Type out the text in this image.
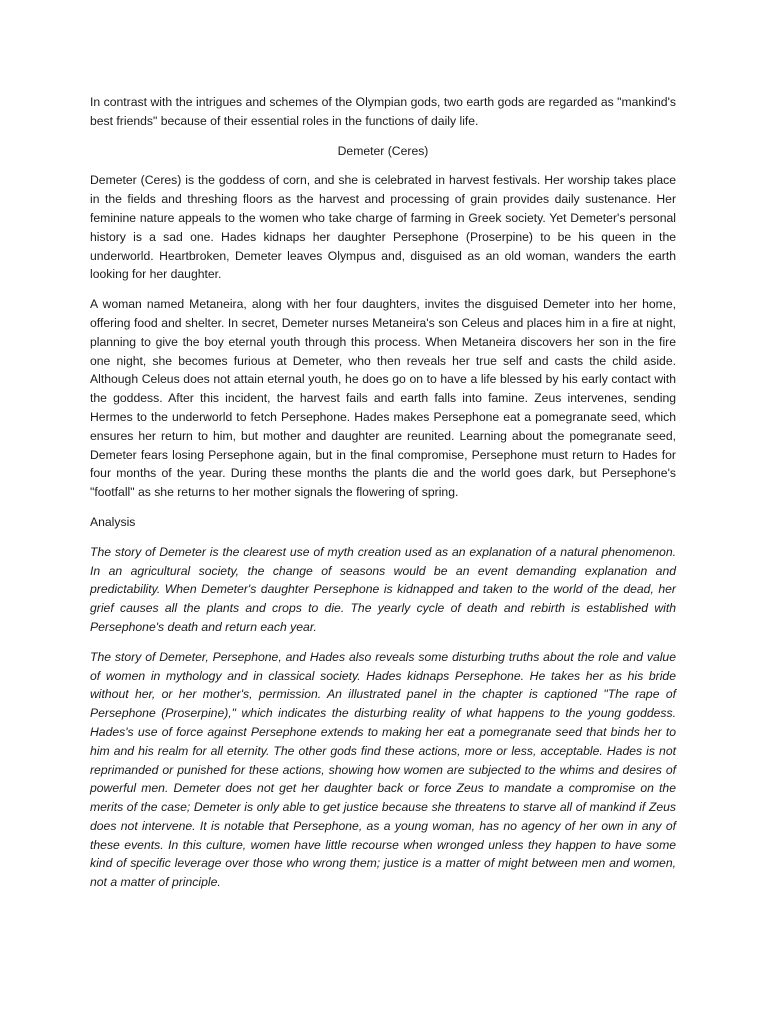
In contrast with the intrigues and schemes of the Olympian gods, two earth gods are regarded as "mankind's best friends" because of their essential roles in the functions of daily life.

Demeter (Ceres)

Demeter (Ceres) is the goddess of corn, and she is celebrated in harvest festivals. Her worship takes place in the fields and threshing floors as the harvest and processing of grain provides daily sustenance. Her feminine nature appeals to the women who take charge of farming in Greek society. Yet Demeter's personal history is a sad one. Hades kidnaps her daughter Persephone (Proserpine) to be his queen in the underworld. Heartbroken, Demeter leaves Olympus and, disguised as an old woman, wanders the earth looking for her daughter.

A woman named Metaneira, along with her four daughters, invites the disguised Demeter into her home, offering food and shelter. In secret, Demeter nurses Metaneira's son Celeus and places him in a fire at night, planning to give the boy eternal youth through this process. When Metaneira discovers her son in the fire one night, she becomes furious at Demeter, who then reveals her true self and casts the child aside. Although Celeus does not attain eternal youth, he does go on to have a life blessed by his early contact with the goddess. After this incident, the harvest fails and earth falls into famine. Zeus intervenes, sending Hermes to the underworld to fetch Persephone. Hades makes Persephone eat a pomegranate seed, which ensures her return to him, but mother and daughter are reunited. Learning about the pomegranate seed, Demeter fears losing Persephone again, but in the final compromise, Persephone must return to Hades for four months of the year. During these months the plants die and the world goes dark, but Persephone's "footfall" as she returns to her mother signals the flowering of spring.

Analysis

The story of Demeter is the clearest use of myth creation used as an explanation of a natural phenomenon. In an agricultural society, the change of seasons would be an event demanding explanation and predictability. When Demeter's daughter Persephone is kidnapped and taken to the world of the dead, her grief causes all the plants and crops to die. The yearly cycle of death and rebirth is established with Persephone's death and return each year.

The story of Demeter, Persephone, and Hades also reveals some disturbing truths about the role and value of women in mythology and in classical society. Hades kidnaps Persephone. He takes her as his bride without her, or her mother's, permission. An illustrated panel in the chapter is captioned "The rape of Persephone (Proserpine)," which indicates the disturbing reality of what happens to the young goddess. Hades's use of force against Persephone extends to making her eat a pomegranate seed that binds her to him and his realm for all eternity. The other gods find these actions, more or less, acceptable. Hades is not reprimanded or punished for these actions, showing how women are subjected to the whims and desires of powerful men. Demeter does not get her daughter back or force Zeus to mandate a compromise on the merits of the case; Demeter is only able to get justice because she threatens to starve all of mankind if Zeus does not intervene. It is notable that Persephone, as a young woman, has no agency of her own in any of these events. In this culture, women have little recourse when wronged unless they happen to have some kind of specific leverage over those who wrong them; justice is a matter of might between men and women, not a matter of principle.
